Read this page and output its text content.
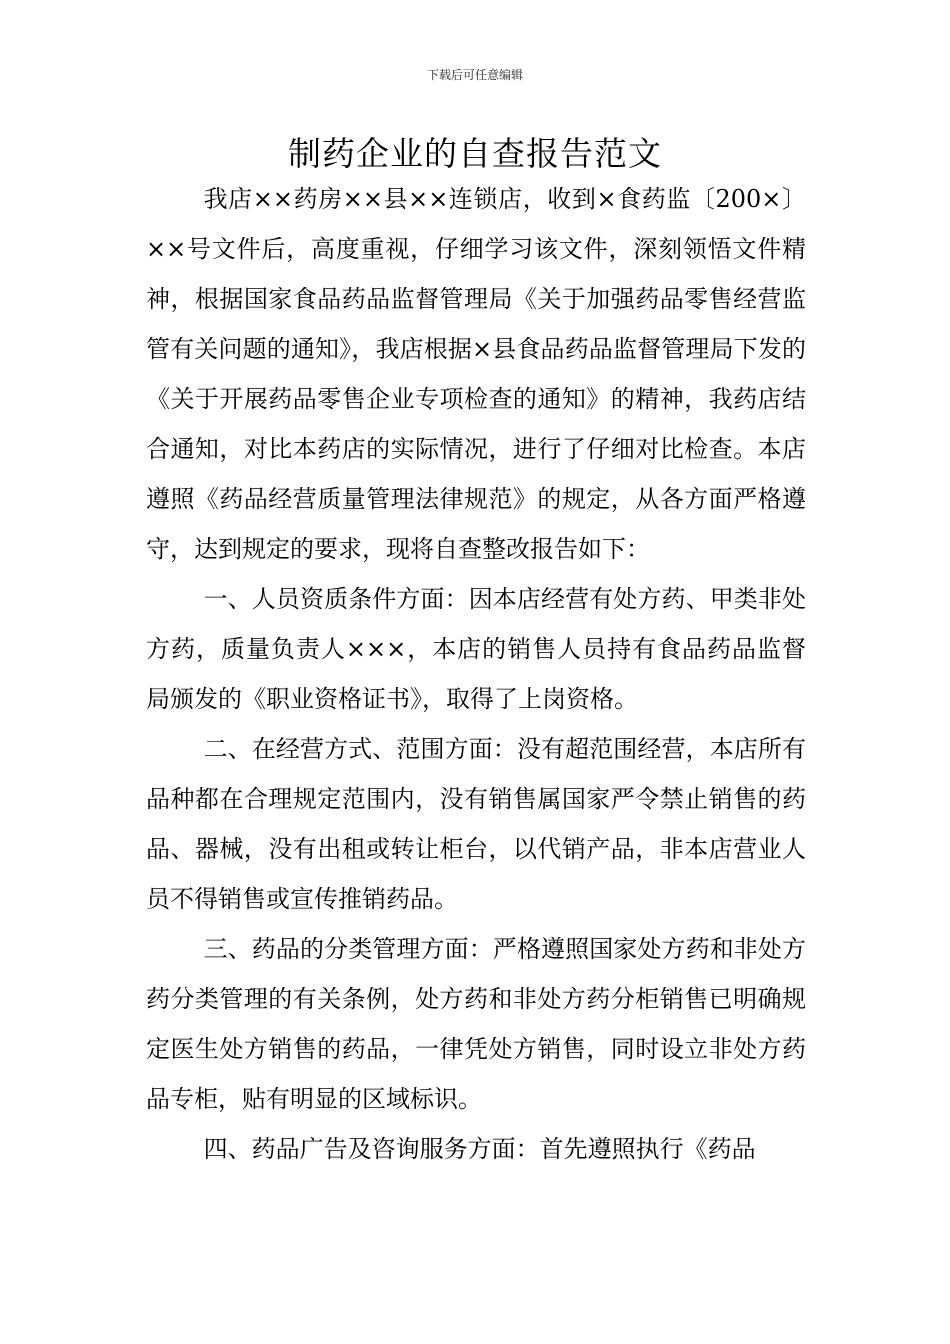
下载后可任意编辑
制药企业的自查报告范文

我店××药房××县××连锁店，收到×食药监〔200×〕××号文件后，高度重视，仔细学习该文件，深刻领悟文件精神，根据国家食品药品监督管理局《关于加强药品零售经营监管有关问题的通知》，我店根据×县食品药品监督管理局下发的《关于开展药品零售企业专项检查的通知》的精神，我药店结合通知，对比本药店的实际情况，进行了仔细对比检查。本店遵照《药品经营质量管理法律规范》的规定，从各方面严格遵守，达到规定的要求，现将自查整改报告如下：

一、人员资质条件方面：因本店经营有处方药、甲类非处方药，质量负责人×××，本店的销售人员持有食品药品监督局颁发的《职业资格证书》，取得了上岗资格。

二、在经营方式、范围方面：没有超范围经营，本店所有品种都在合理规定范围内，没有销售属国家严令禁止销售的药品、器械，没有出租或转让柜台，以代销产品，非本店营业人员不得销售或宣传推销药品。

三、药品的分类管理方面：严格遵照国家处方药和非处方药分类管理的有关条例，处方药和非处方药分柜销售已明确规定医生处方销售的药品，一律凭处方销售，同时设立非处方药品专柜，贴有明显的区域标识。

四、药品广告及咨询服务方面：首先遵照执行《药品
